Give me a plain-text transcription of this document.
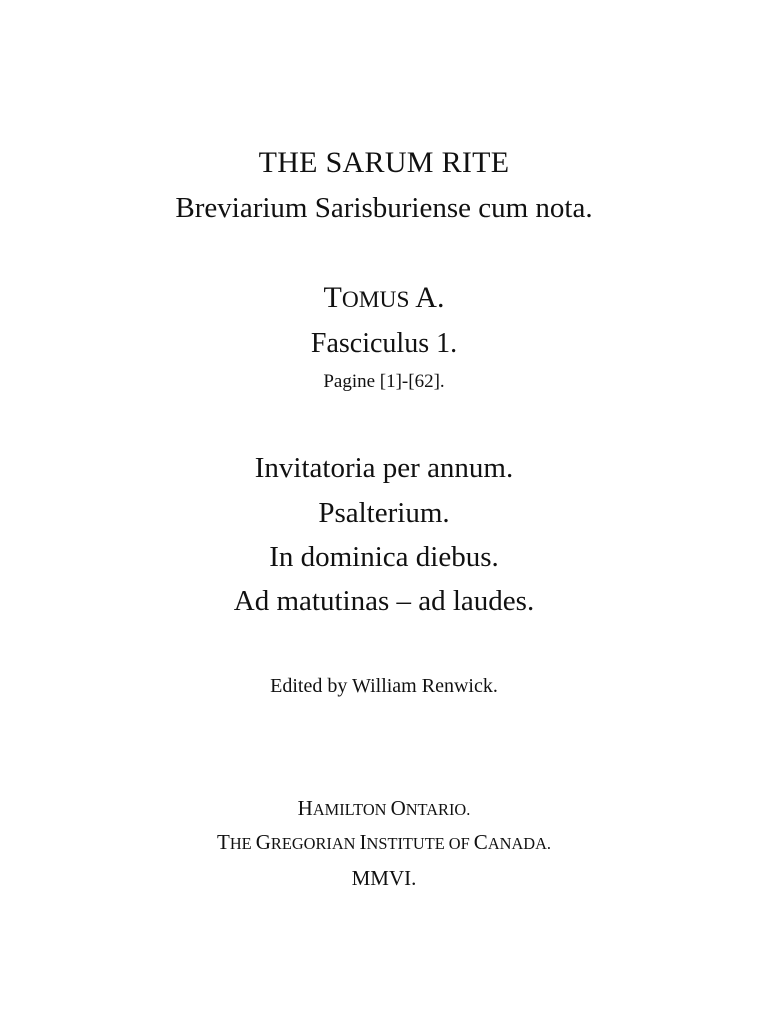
THE SARUM RITE
Breviarium Sarisburiense cum nota.
TOMUS A.
Fasciculus 1.
Pagine [1]-[62].
Invitatoria per annum.
Psalterium.
In dominica diebus.
Ad matutinas – ad laudes.
Edited by William Renwick.
HAMILTON ONTARIO.
THE GREGORIAN INSTITUTE OF CANADA.
MMVI.
